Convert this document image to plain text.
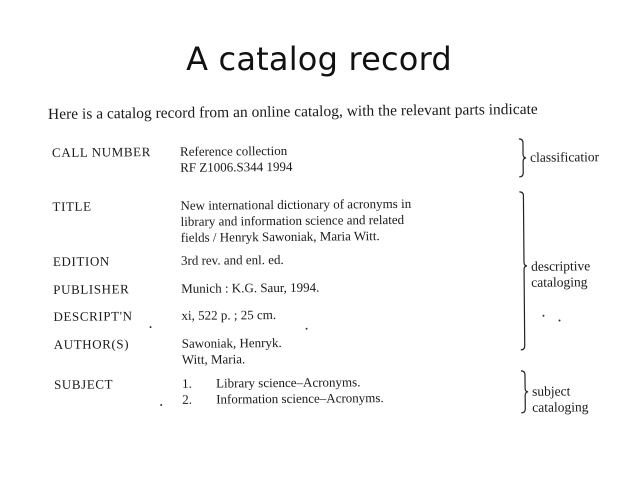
A catalog record
Here is a catalog record from an online catalog, with the relevant parts indicate
CALL NUMBER Reference collection
RF Z1006.S344 1994
TITLE	New international dictionary of acronyms in
library and information science and related
fields / Henryk Sawoniak, Maria Witt.
EDITION	3rd rev. and enl. ed.
PUBLISHER	Munich : K.G. Saur, 1994.
DESCRIPT'N	xi, 522 p. ; 25 cm.
AUTHOR(S)	Sawoniak, Henryk.
Witt, Maria.
SUBJECT	1. Library science–Acronyms.
2. Information science–Acronyms.
classificatior
descriptive
cataloging
subject
cataloging
